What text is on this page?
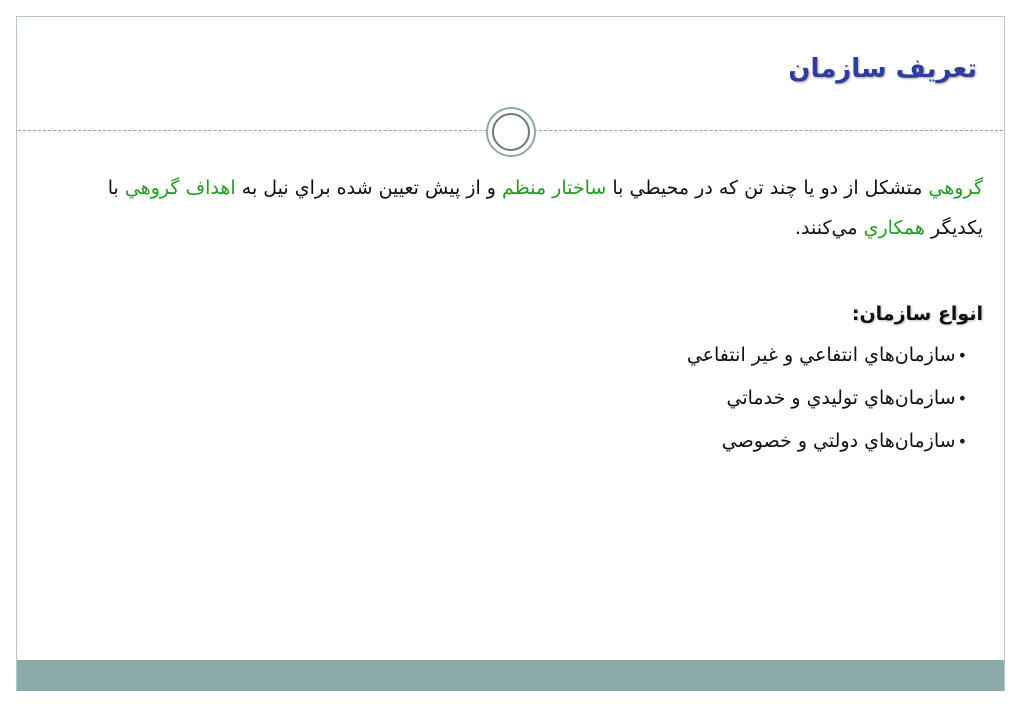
تعریف سازمان

گروهي متشكل از دو يا چند تن كه در محيطي با ساختار منظم و از پيش تعيين شده براي نيل به اهداف گروهي با يكديگر همكاري مي‌كنند.

انواع سازمان:

•سازمان‌هاي انتفاعي و غير انتفاعي
•سازمان‌هاي توليدي و خدماتي
•سازمان‌هاي دولتي و خصوصي
